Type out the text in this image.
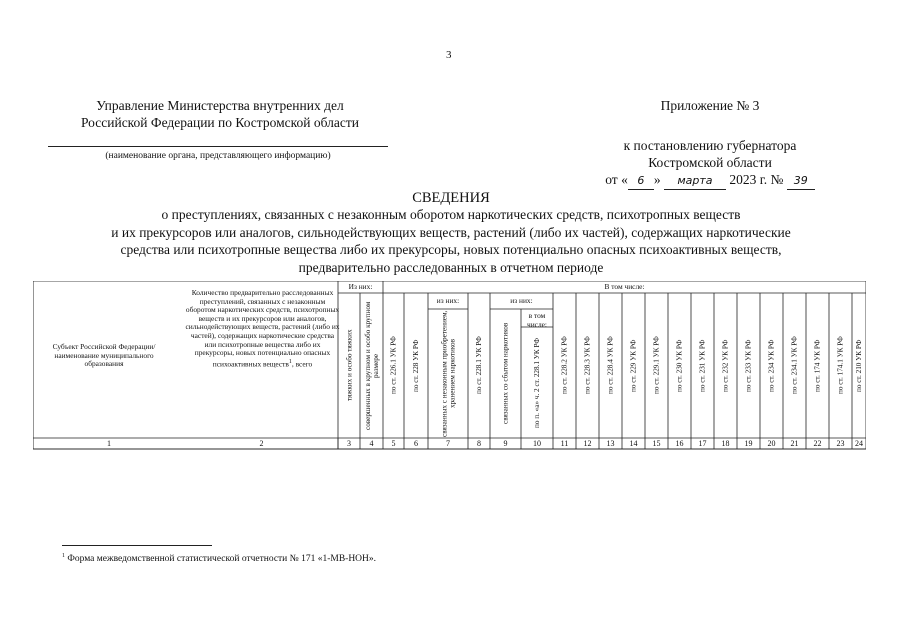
3
Управление Министерства внутренних дел
Российской Федерации по Костромской области
(наименование органа, представляющего информацию)
Приложение № 3
к постановлению губернатора
Костромской области
от « 6 » марта 2023 г. № 39
СВЕДЕНИЯ
о преступлениях, связанных с незаконным оборотом наркотических средств, психотропных веществ
и их прекурсоров или аналогов, сильнодействующих веществ, растений (либо их частей), содержащих наркотические
средства или психотропные вещества либо их прекурсоры, новых потенциально опасных психоактивных веществ,
предварительно расследованных в отчетном периоде
Субъект Российской Федерации/ наименование муниципального образования
Количество предварительно расследованных преступлений, связанных с незаконным оборотом наркотических средств, психотропных веществ и их прекурсоров или аналогов, сильнодействующих веществ, растений (либо их частей), содержащих наркотические средства или психотропные вещества либо их прекурсоры, новых потенциально опасных психоактивных веществ$^1$, всего
Из них:	В том числе:
из них:	из них:
в том числе:
тяжких и особо тяжких	совершенных в крупном и особо крупном размере	по ст. 226.1 УК РФ	по ст. 228 УК РФ	связанных с незаконным приобретением, хранением наркотиков	по ст. 228.1 УК РФ	связанных со сбытом наркотиков	по п. «а» ч. 2 ст. 228.1 УК РФ	по ст. 228.2 УК РФ	по ст. 228.3 УК РФ	по ст. 228.4 УК РФ	по ст. 229 УК РФ	по ст. 229.1 УК РФ	по ст. 230 УК РФ	по ст. 231 УК РФ	по ст. 232 УК РФ	по ст. 233 УК РФ	по ст. 234 УК РФ	по ст. 234.1 УК РФ	по ст. 174 УК РФ	по ст. 174.1 УК РФ	по ст. 210 УК РФ
1	2	3	4	5	6	7	8	9	10	11	12	13	14	15	16	17	18	19	20	21	22	23	24
$^1$ Форма межведомственной статистической отчетности № 171 «1-МВ-НОН».
